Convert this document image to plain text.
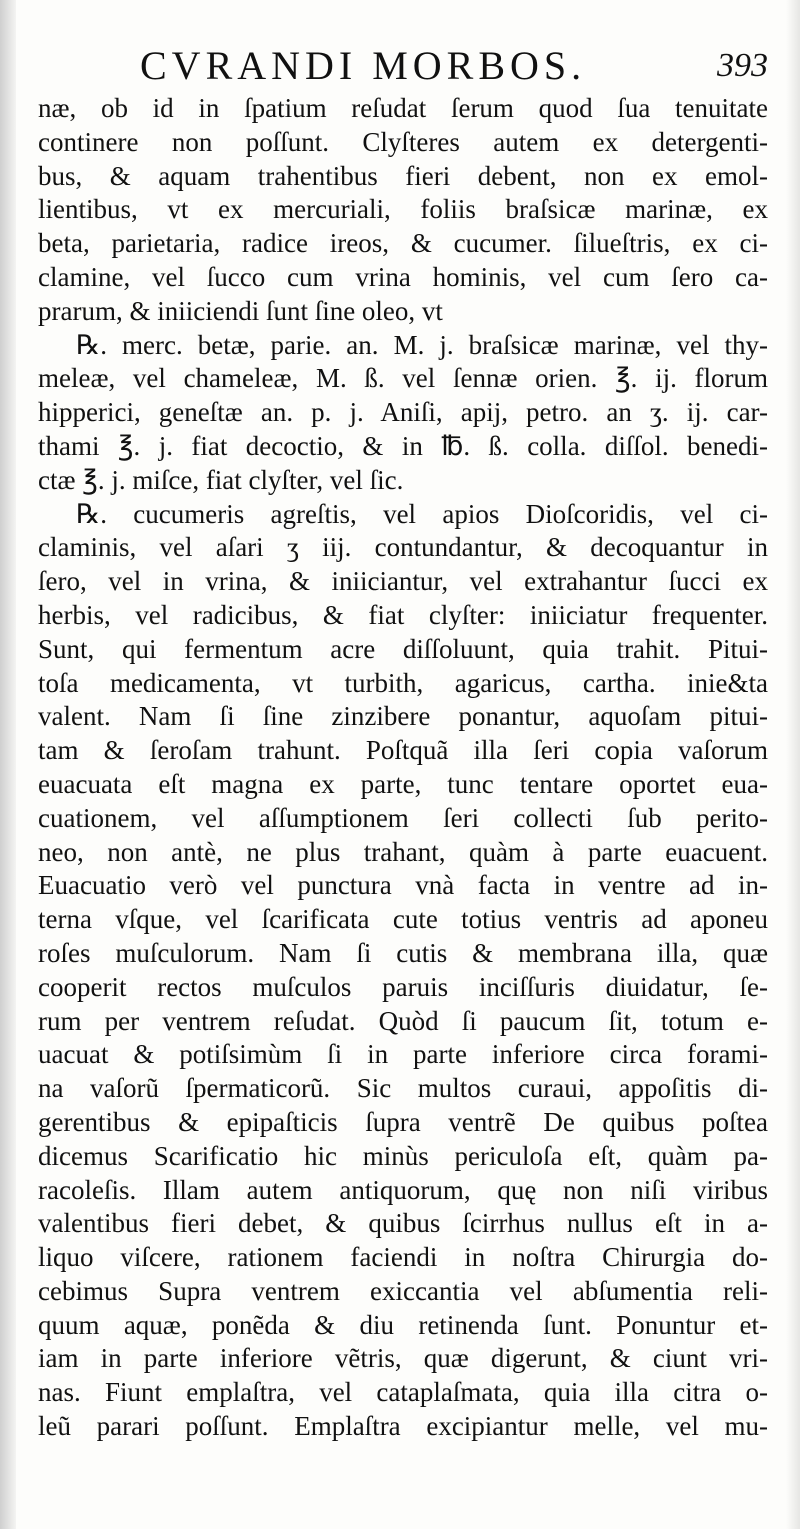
CVRANDI MORBOS.	393
næ, ob id in ſpatium reſudat ſerum quod ſua tenuitate
continere non poſſunt. Clyſteres autem ex detergenti-
bus, & aquam trahentibus fieri debent, non ex emol-
lientibus, vt ex mercuriali, foliis braſsicæ marinæ, ex
beta, parietaria, radice ireos, & cucumer. ſilueſtris, ex ci-
clamine, vel ſucco cum vrina hominis, vel cum ſero ca-
prarum, & iniiciendi ſunt ſine oleo, vt
℞. merc. betæ, parie. an. M. j. braſsicæ marinæ, vel thy-
meleæ, vel chameleæ, M. ß. vel ſennæ orien. ℥. ij. florum
hipperici, geneſtæ an. p. j. Aniſi, apij, petro. an ʒ. ij. car-
thami ℥. j. fiat decoctio, & in ℔. ß. colla. diſſol. benedi-
ctæ ℥. j. miſce, fiat clyſter, vel ſic.
℞. cucumeris agreſtis, vel apios Dioſcoridis, vel ci-
claminis, vel aſari ʒ iij. contundantur, & decoquantur in
ſero, vel in vrina, & iniiciantur, vel extrahantur ſucci ex
herbis, vel radicibus, & fiat clyſter: iniiciatur frequenter.
Sunt, qui fermentum acre diſſoluunt, quia trahit. Pitui-
toſa medicamenta, vt turbith, agaricus, cartha. inie&ta
valent. Nam ſi ſine zinzibere ponantur, aquoſam pitui-
tam & ſeroſam trahunt. Poſtquã illa ſeri copia vaſorum
euacuata eſt magna ex parte, tunc tentare oportet eua-
cuationem, vel aſſumptionem ſeri collecti ſub perito-
neo, non antè, ne plus trahant, quàm à parte euacuent.
Euacuatio verò vel punctura vnà facta in ventre ad in-
terna vſque, vel ſcarificata cute totius ventris ad aponeu
roſes muſculorum. Nam ſi cutis & membrana illa, quæ
cooperit rectos muſculos paruis inciſſuris diuidatur, ſe-
rum per ventrem reſudat. Quòd ſi paucum ſit, totum e-
uacuat & potiſsimùm ſi in parte inferiore circa forami-
na vaſorũ ſpermaticorũ. Sic multos curaui, appoſitis di-
gerentibus & epipaſticis ſupra ventrẽ De quibus poſtea
dicemus Scarificatio hic minùs periculoſa eſt, quàm pa-
racoleſis. Illam autem antiquorum, quę non niſi viribus
valentibus fieri debet, & quibus ſcirrhus nullus eſt in a-
liquo viſcere, rationem faciendi in noſtra Chirurgia do-
cebimus Supra ventrem exiccantia vel abſumentia reli-
quum aquæ, ponẽda & diu retinenda ſunt. Ponuntur et-
iam in parte inferiore vẽtris, quæ digerunt, & ciunt vri-
nas. Fiunt emplaſtra, vel cataplaſmata, quia illa citra o-
leũ parari poſſunt. Emplaſtra excipiantur melle, vel mu-
